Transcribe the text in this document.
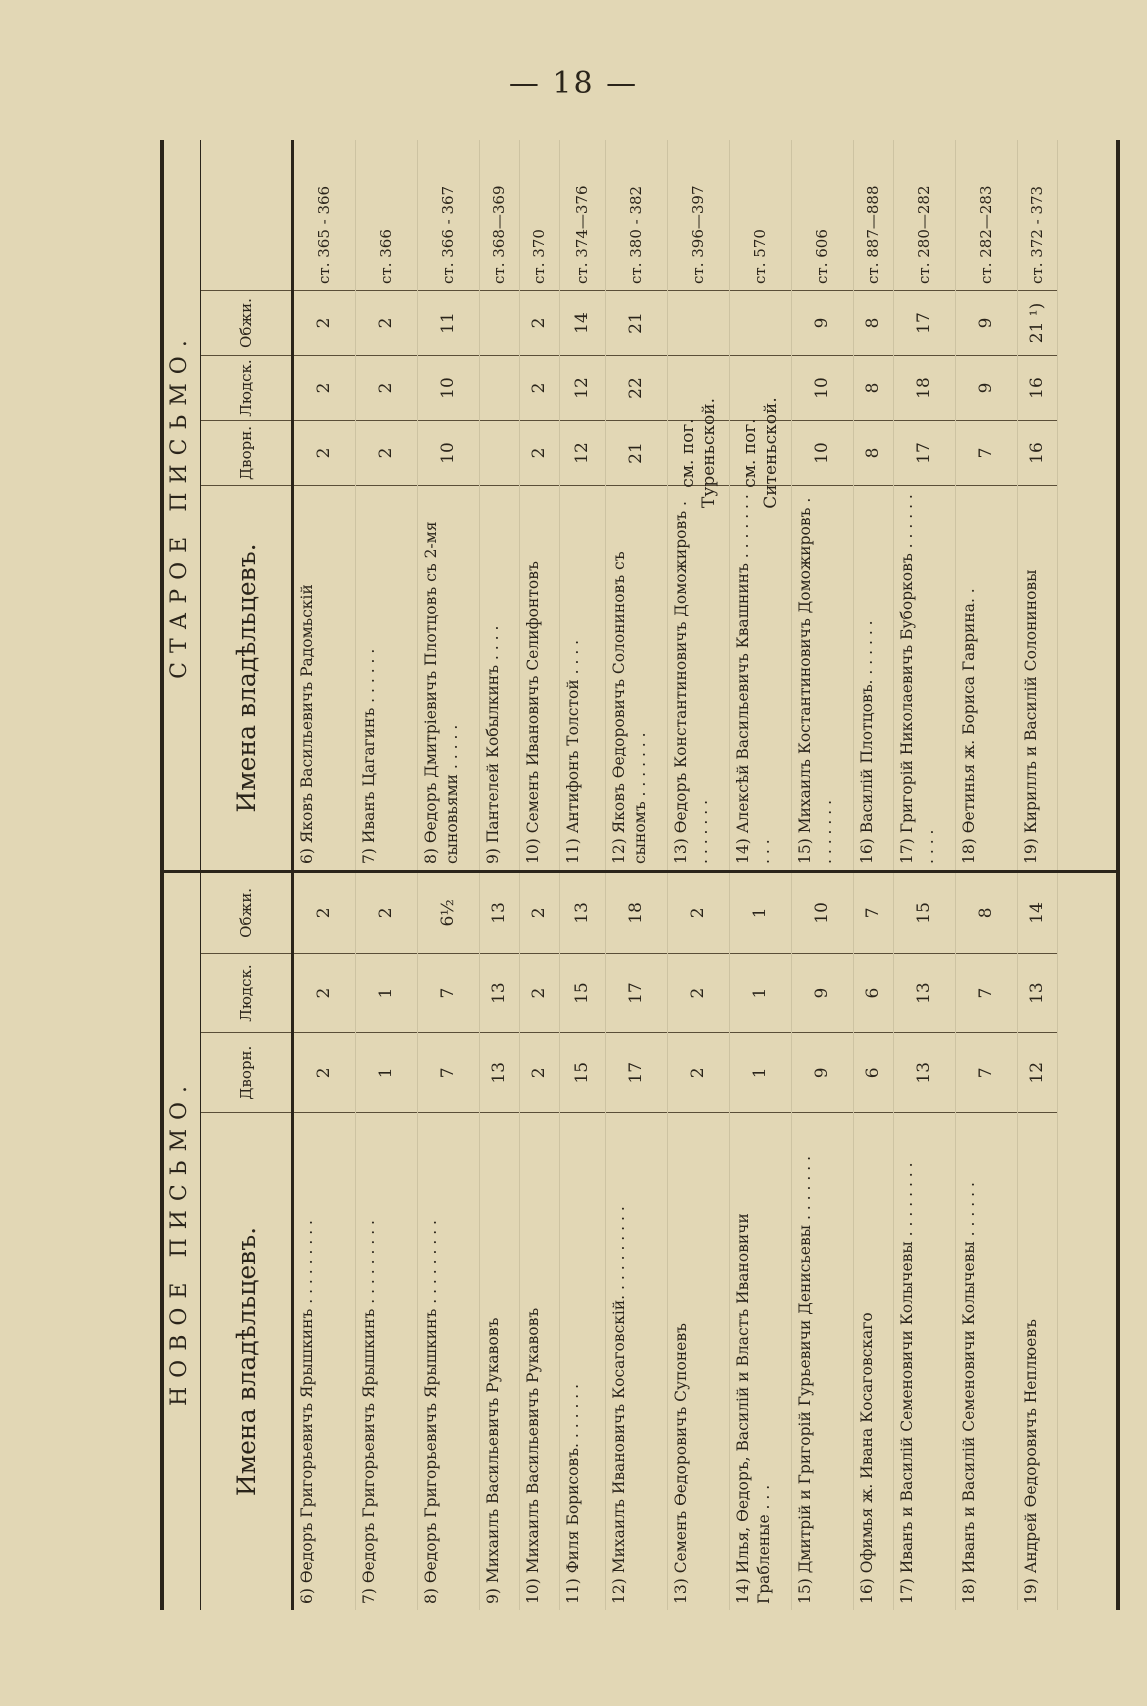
— 18 —
НОВОЕ ПИСЬМО.	Имена владѣльцевъ.
Дворн.
Людск.
Обжи.
6) Ѳедоръ Григорьевичъ Ярышкинъ . . . . . . . . .
2
2
2
7) Ѳедоръ Григорьевичъ Ярышкинъ . . . . . . . . .
1
1
2
8) Ѳедоръ Григорьевичъ Ярышкинъ . . . . . . . . .
7
7
6½
9) Михаилъ Васильевичъ Рукавовъ
13
13
13
10) Михаилъ Васильевичъ Рукавовъ
2
2
2
11) Филя Борисовъ. . . . . . .
15
15
13
12) Михаилъ Ивановичъ Косаговскій. . . . . . . . . .
17
17
18
13) Семенъ Ѳедоровичъ Супоневъ
2
2
2
14) Илья, Ѳедоръ, Василій и Властъ Ивановичи Грабленые . . .
1
1
1
15) Дмитрій и Григорій Гурьевичи Денисьевы . . . . . . .
9
9
10
16) Офимья ж. Ивана Косаговскаго
6
6
7
17) Иванъ и Василій Семеновичи Колычевы . . . . . . . .
13
13
15
18) Иванъ и Василій Семеновичи Колычевы . . . . . .
7
7
8
19) Андрей Ѳедоровичъ Неплюевъ
12
13
14
СТАРОЕ ПИСЬМО.	Имена владѣльцевъ.
Дворн.
Людск.
Обжи.
6) Яковъ Васильевичъ Радомьскій
2
2
2
ст. 365 - 366
7) Иванъ Цагагинъ . . . . . .
2
2
2
ст. 366
8) Ѳедоръ Дмитріевичъ Плотцовъ съ 2-мя сыновьями . . . . .
10
10
11
ст. 366 - 367
9) Пантелей Кобылкинъ . . . .
ст. 368—369
10) Семенъ Ивановичъ Селифонтовъ
2
2
2
ст. 370
11) Антифонъ Толстой . . . .
12
12
14
ст. 374—376
12) Яковъ Ѳедоровичъ Солониновъ съ сыномъ . . . . . . .
21
22
21
ст. 380 - 382
13) Ѳедоръ Константиновичъ Доможировъ . . . . . . . .
см. пог. Туреньской.
ст. 396—397
14) Алексѣй Васильевичъ Квашнинъ . . . . . . . . . .
см. пог. Ситеньской.
ст. 570
15) Михаилъ Костантиновичъ Доможировъ . . . . . . . .
10
10
9
ст. 606
16) Василій Плотцовъ. . . . . . .
8
8
8
ст. 887—888
17) Григорій Николаевичъ Буборковъ . . . . . . . . . .
17
18
17
ст. 280—282
18) Ѳетинья ж. Бориса Гаврина. .
7
9
9
ст. 282—283
19) Кириллъ и Василій Солониновы
16
16
21 ¹)
ст. 372 - 373
